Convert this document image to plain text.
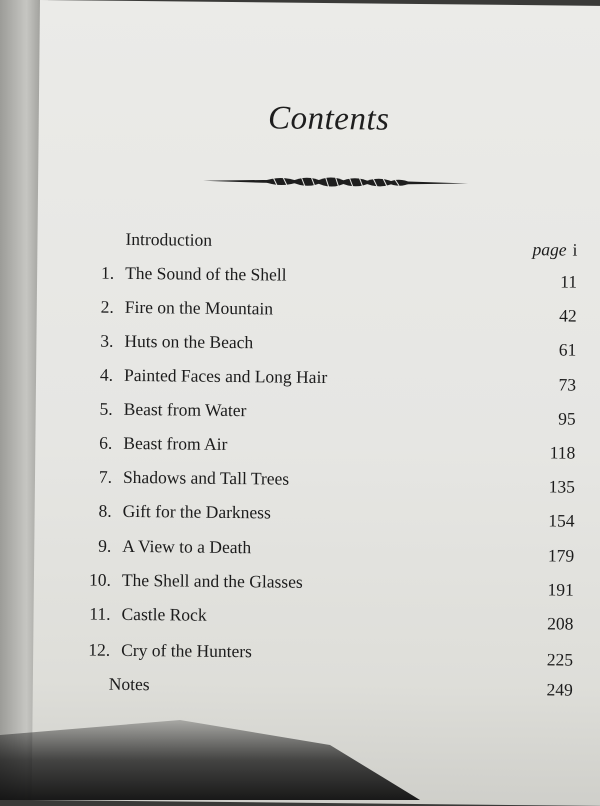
Contents
Introduction	page i
1. The Sound of the Shell	11
2. Fire on the Mountain	42
3. Huts on the Beach	61
4. Painted Faces and Long Hair	73
5. Beast from Water	95
6. Beast from Air	118
7. Shadows and Tall Trees	135
8. Gift for the Darkness	154
9. A View to a Death	179
10. The Shell and the Glasses	191
11. Castle Rock	208
12. Cry of the Hunters	225
Notes	249
